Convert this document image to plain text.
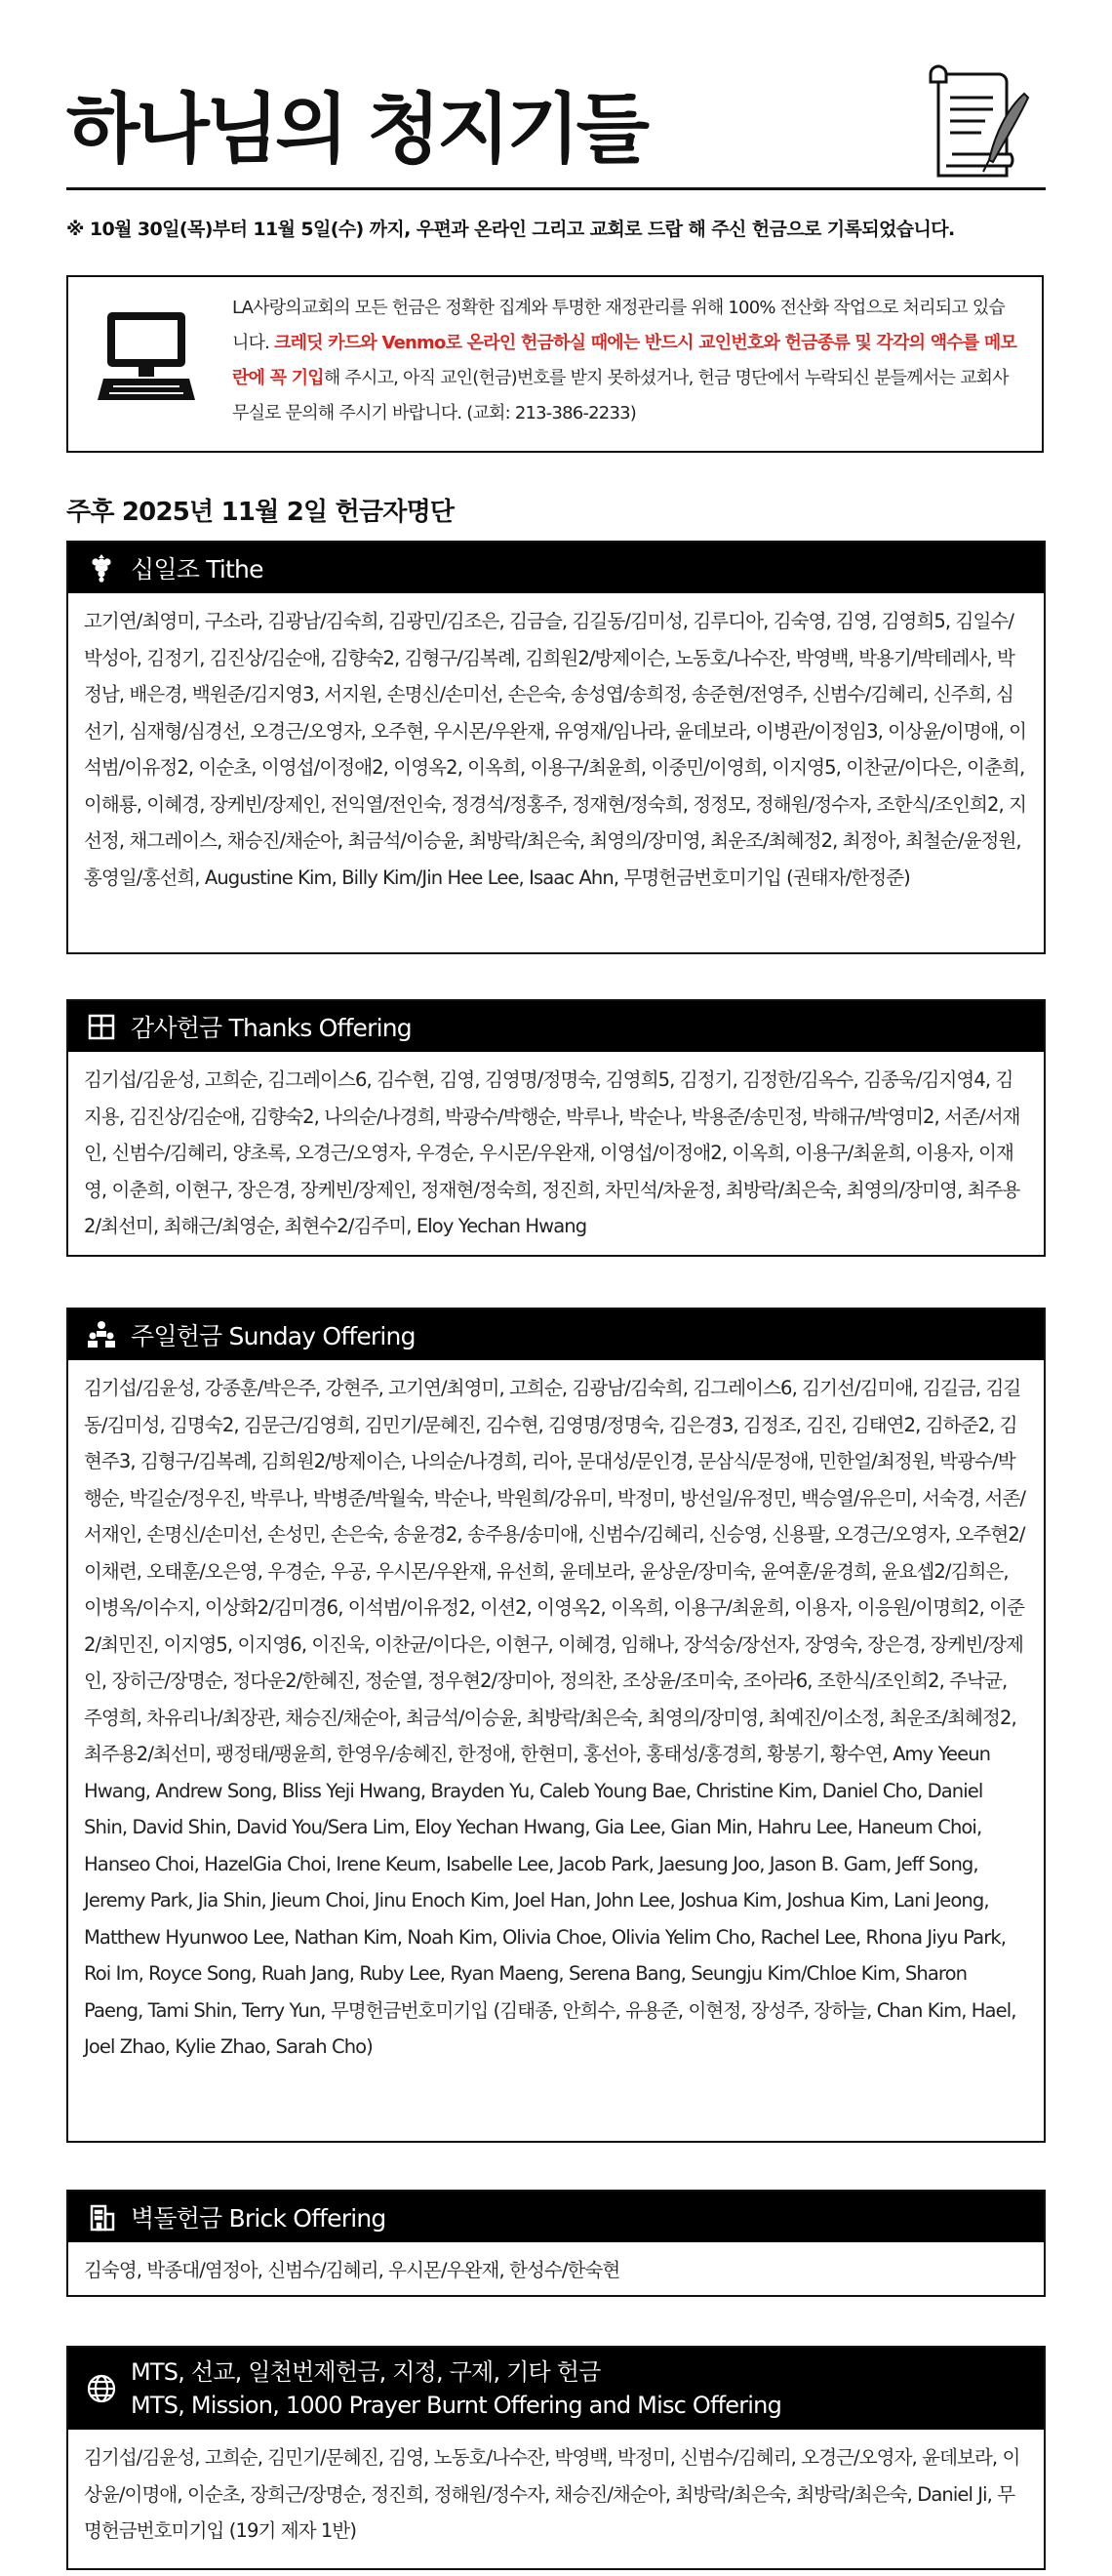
하나님의 청지기들

※ 10월 30일(목)부터 11월 5일(수) 까지, 우편과 온라인 그리고 교회로 드랍 해 주신 헌금으로 기록되었습니다.

LA사랑의교회의 모든 헌금은 정확한 집계와 투명한 재정관리를 위해 100% 전산화 작업으로 처리되고 있습니다. 크레딧 카드와 Venmo로 온라인 헌금하실 때에는 반드시 교인번호와 헌금종류 및 각각의 액수를 메모 란에 꼭 기입해 주시고, 아직 교인(헌금)번호를 받지 못하셨거나, 헌금 명단에서 누락되신 분들께서는 교회사무실로 문의해 주시기 바랍니다. (교회: 213-386-2233)
주후 2025년 11월 2일 헌금자명단
십일조 Tithe
고기연/최영미, 구소라, 김광남/김숙희, 김광민/김조은, 김금슬, 김길동/김미성, 김루디아, 김숙영, 김영, 김영희5, 김일수/박성아, 김정기, 김진상/김순애, 김향숙2, 김형구/김복례, 김희원2/방제이슨, 노동호/나수잔, 박영백, 박용기/박테레사, 박정남, 배은경, 백원준/김지영3, 서지원, 손명신/손미선, 손은숙, 송성엽/송희정, 송준현/전영주, 신범수/김혜리, 신주희, 심선기, 심재형/심경선, 오경근/오영자, 오주현, 우시몬/우완재, 유영재/임나라, 윤데보라, 이병관/이정임3, 이상윤/이명애, 이석범/이유정2, 이순초, 이영섭/이정애2, 이영옥2, 이옥희, 이용구/최윤희, 이중민/이영희, 이지영5, 이찬균/이다은, 이춘희, 이해룡, 이혜경, 장케빈/장제인, 전익열/전인숙, 정경석/정홍주, 정재현/정숙희, 정정모, 정해원/정수자, 조한식/조인희2, 지선정, 채그레이스, 채승진/채순아, 최금석/이승윤, 최방락/최은숙, 최영의/장미영, 최운조/최혜정2, 최정아, 최철순/윤정원, 홍영일/홍선희, Augustine Kim, Billy Kim/Jin Hee Lee, Isaac Ahn, 무명헌금번호미기입 (권태자/한정준)
감사헌금 Thanks Offering
김기섭/김윤성, 고희순, 김그레이스6, 김수현, 김영, 김영명/정명숙, 김영희5, 김정기, 김정한/김옥수, 김종욱/김지영4, 김지용, 김진상/김순애, 김향숙2, 나의순/나경희, 박광수/박행순, 박루나, 박순나, 박용준/송민정, 박해규/박영미2, 서존/서재인, 신범수/김혜리, 양초록, 오경근/오영자, 우경순, 우시몬/우완재, 이영섭/이정애2, 이옥희, 이용구/최윤희, 이용자, 이재영, 이춘희, 이현구, 장은경, 장케빈/장제인, 정재현/정숙희, 정진희, 차민석/차윤정, 최방락/최은숙, 최영의/장미영, 최주용2/최선미, 최해근/최영순, 최현수2/김주미, Eloy Yechan Hwang
주일헌금 Sunday Offering
김기섭/김윤성, 강종훈/박은주, 강현주, 고기연/최영미, 고희순, 김광남/김숙희, 김그레이스6, 김기선/김미애, 김길금, 김길동/김미성, 김명숙2, 김문근/김영희, 김민기/문혜진, 김수현, 김영명/정명숙, 김은경3, 김정조, 김진, 김태연2, 김하준2, 김현주3, 김형구/김복례, 김희원2/방제이슨, 나의순/나경희, 리아, 문대성/문인경, 문삼식/문정애, 민한얼/최정원, 박광수/박행순, 박길순/정우진, 박루나, 박병준/박월숙, 박순나, 박원희/강유미, 박정미, 방선일/유정민, 백승열/유은미, 서숙경, 서존/서재인, 손명신/손미선, 손성민, 손은숙, 송윤경2, 송주용/송미애, 신범수/김혜리, 신승영, 신용팔, 오경근/오영자, 오주현2/이채련, 오태훈/오은영, 우경순, 우공, 우시몬/우완재, 유선희, 윤데보라, 윤상운/장미숙, 윤여훈/윤경희, 윤요셉2/김희은, 이병옥/이수지, 이상화2/김미경6, 이석범/이유정2, 이션2, 이영옥2, 이옥희, 이용구/최윤희, 이용자, 이응원/이명희2, 이준2/최민진, 이지영5, 이지영6, 이진욱, 이찬균/이다은, 이현구, 이혜경, 임해나, 장석숭/장선자, 장영숙, 장은경, 장케빈/장제인, 장히근/장명순, 정다운2/한혜진, 정순열, 정우현2/장미아, 정의찬, 조상윤/조미숙, 조아라6, 조한식/조인희2, 주낙균, 주영희, 차유리나/최장관, 채승진/채순아, 최금석/이승윤, 최방락/최은숙, 최영의/장미영, 최예진/이소정, 최운조/최혜정2, 최주용2/최선미, 팽정태/팽윤희, 한영우/송혜진, 한정애, 한현미, 홍선아, 홍태성/홍경희, 황봉기, 황수연, Amy Yeeun Hwang, Andrew Song, Bliss Yeji Hwang, Brayden Yu, Caleb Young Bae, Christine Kim, Daniel Cho, Daniel Shin, David Shin, David You/Sera Lim, Eloy Yechan Hwang, Gia Lee, Gian Min, Hahru Lee, Haneum Choi, Hanseo Choi, HazelGia Choi, Irene Keum, Isabelle Lee, Jacob Park, Jaesung Joo, Jason B. Gam, Jeff Song, Jeremy Park, Jia Shin, Jieum Choi, Jinu Enoch Kim, Joel Han, John Lee, Joshua Kim, Joshua Kim, Lani Jeong, Matthew Hyunwoo Lee, Nathan Kim, Noah Kim, Olivia Choe, Olivia Yelim Cho, Rachel Lee, Rhona Jiyu Park, Roi Im, Royce Song, Ruah Jang, Ruby Lee, Ryan Maeng, Serena Bang, Seungju Kim/Chloe Kim, Sharon Paeng, Tami Shin, Terry Yun, 무명헌금번호미기입 (김태종, 안희수, 유용준, 이현정, 장성주, 장하늘, Chan Kim, Hael, Joel Zhao, Kylie Zhao, Sarah Cho)
벽돌헌금 Brick Offering
김숙영, 박종대/염정아, 신범수/김혜리, 우시몬/우완재, 한성수/한숙현
MTS, 선교, 일천번제헌금, 지정, 구제, 기타 헌금
MTS, Mission, 1000 Prayer Burnt Offering and Misc Offering
김기섭/김윤성, 고희순, 김민기/문혜진, 김영, 노동호/나수잔, 박영백, 박정미, 신범수/김혜리, 오경근/오영자, 윤데보라, 이상윤/이명애, 이순초, 장희근/장명순, 정진희, 정해원/정수자, 채승진/채순아, 최방락/최은숙, 최방락/최은숙, Daniel Ji, 무명헌금번호미기입 (19기 제자 1반)
